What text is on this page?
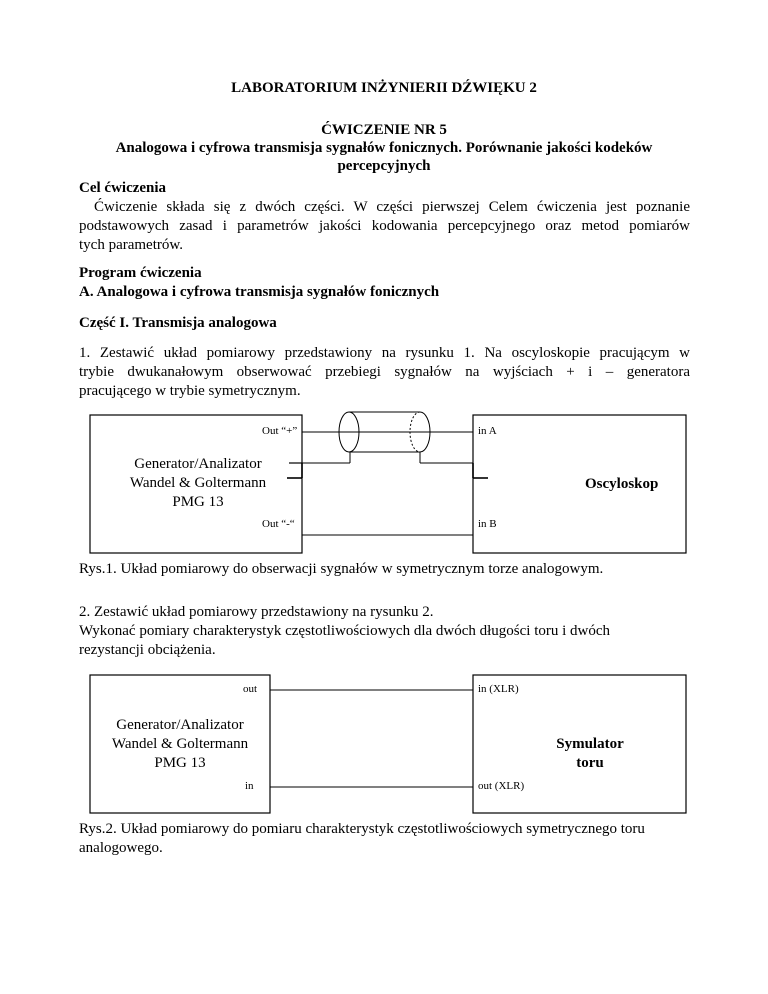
LABORATORIUM INŻYNIERII DŹWIĘKU 2
ĆWICZENIE NR 5
Analogowa i cyfrowa transmisja sygnałów fonicznych. Porównanie jakości kodeków
percepcyjnych
Cel ćwiczenia
Ćwiczenie składa się z dwóch części. W części pierwszej Celem ćwiczenia jest poznanie
podstawowych zasad i parametrów jakości kodowania percepcyjnego oraz metod pomiarów
tych parametrów.
Program ćwiczenia
A. Analogowa i cyfrowa transmisja sygnałów fonicznych
Część I. Transmisja analogowa
1. Zestawić układ pomiarowy przedstawiony na rysunku 1. Na oscyloskopie pracującym w
trybie dwukanałowym obserwować przebiegi sygnałów na wyjściach + i – generatora
pracującego w trybie symetrycznym.
Out “+”	in A
Out “-“	in B
Generator/Analizator
Wandel & Goltermann
PMG 13
Oscyloskop
Rys.1. Układ pomiarowy do obserwacji sygnałów w symetrycznym torze analogowym.
2. Zestawić układ pomiarowy przedstawiony na rysunku 2.
Wykonać pomiary charakterystyk częstotliwościowych dla dwóch długości toru i dwóch
rezystancji obciążenia.
out	in (XLR)
in	out (XLR)
Generator/Analizator
Wandel & Goltermann
PMG 13
Symulator
toru
Rys.2. Układ pomiarowy do pomiaru charakterystyk częstotliwościowych symetrycznego toru
analogowego.
